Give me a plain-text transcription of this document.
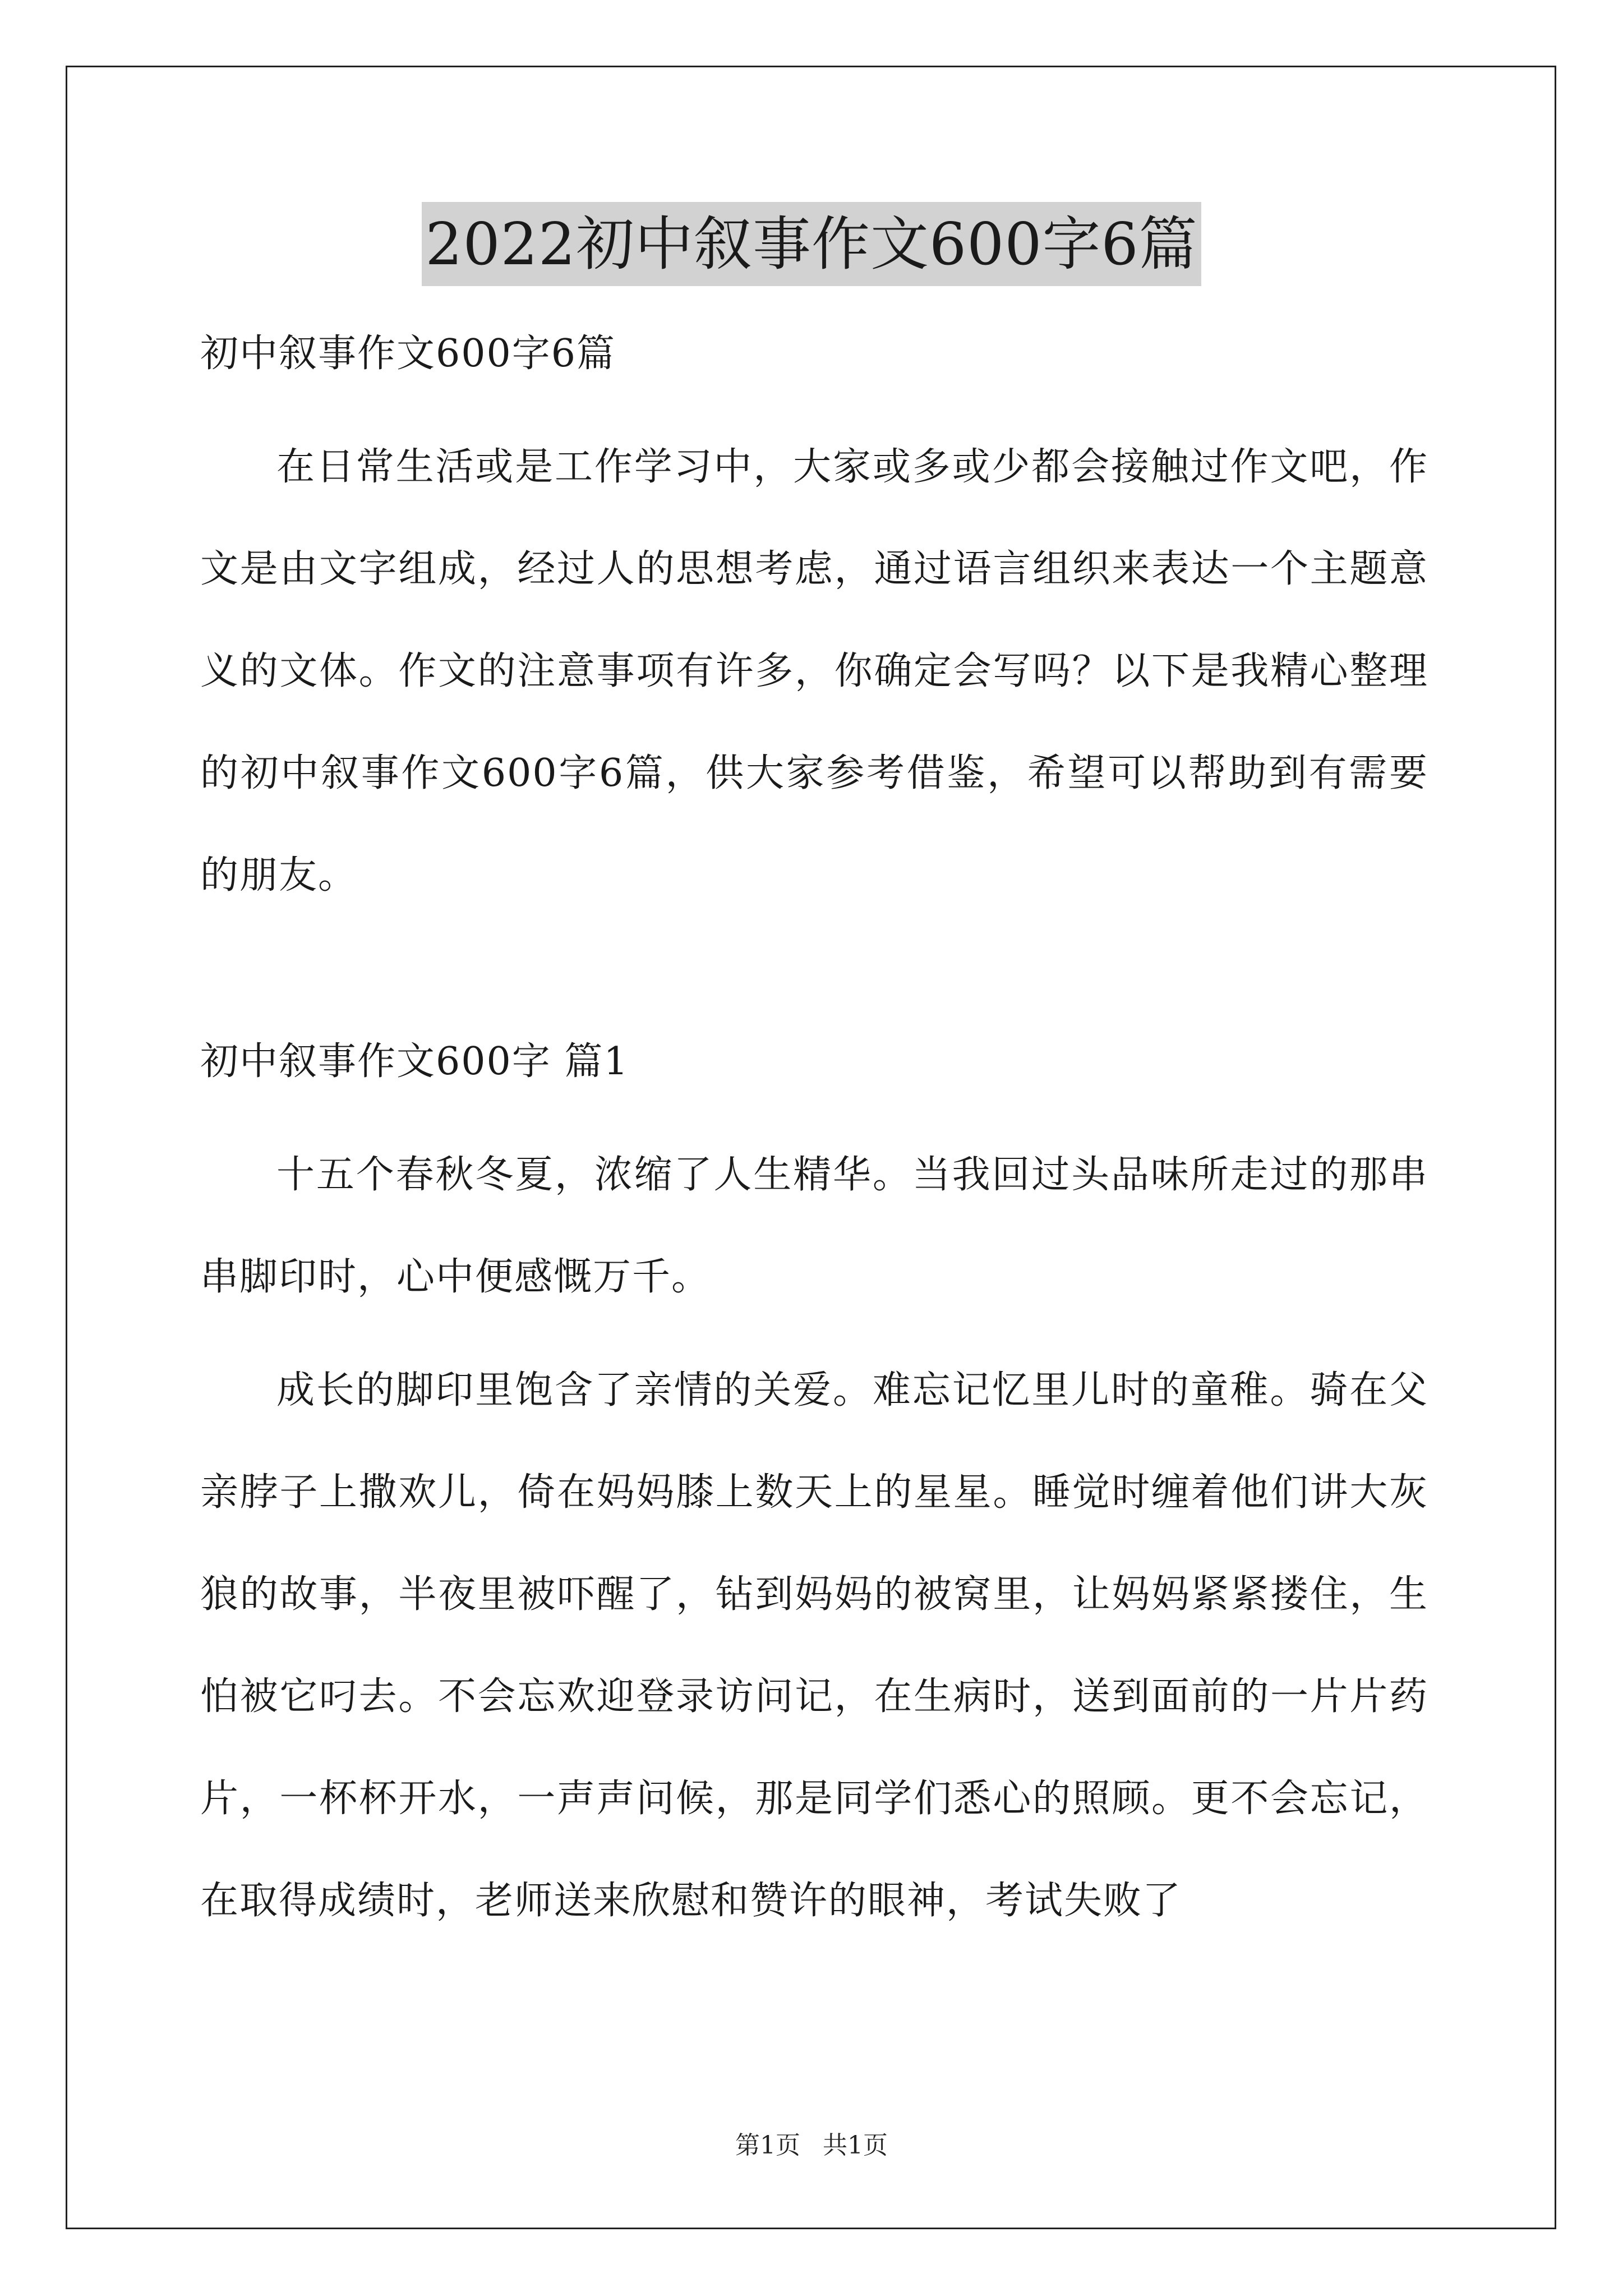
2022初中叙事作文600字6篇

初中叙事作文600字6篇

在日常生活或是工作学习中，大家或多或少都会接触过作文吧，作文是由文字组成，经过人的思想考虑，通过语言组织来表达一个主题意义的文体。作文的注意事项有许多，你确定会写吗？以下是我精心整理的初中叙事作文600字6篇，供大家参考借鉴，希望可以帮助到有需要的朋友。

初中叙事作文600字 篇1

十五个春秋冬夏，浓缩了人生精华。当我回过头品味所走过的那串串脚印时，心中便感慨万千。

成长的脚印里饱含了亲情的关爱。难忘记忆里儿时的童稚。骑在父亲脖子上撒欢儿，倚在妈妈膝上数天上的星星。睡觉时缠着他们讲大灰狼的故事，半夜里被吓醒了，钻到妈妈的被窝里，让妈妈紧紧搂住，生怕被它叼去。不会忘欢迎登录访问记，在生病时，送到面前的一片片药片，一杯杯开水，一声声问候，那是同学们悉心的照顾。更不会忘记，在取得成绩时，老师送来欣慰和赞许的眼神，考试失败了

第1页 共1页
